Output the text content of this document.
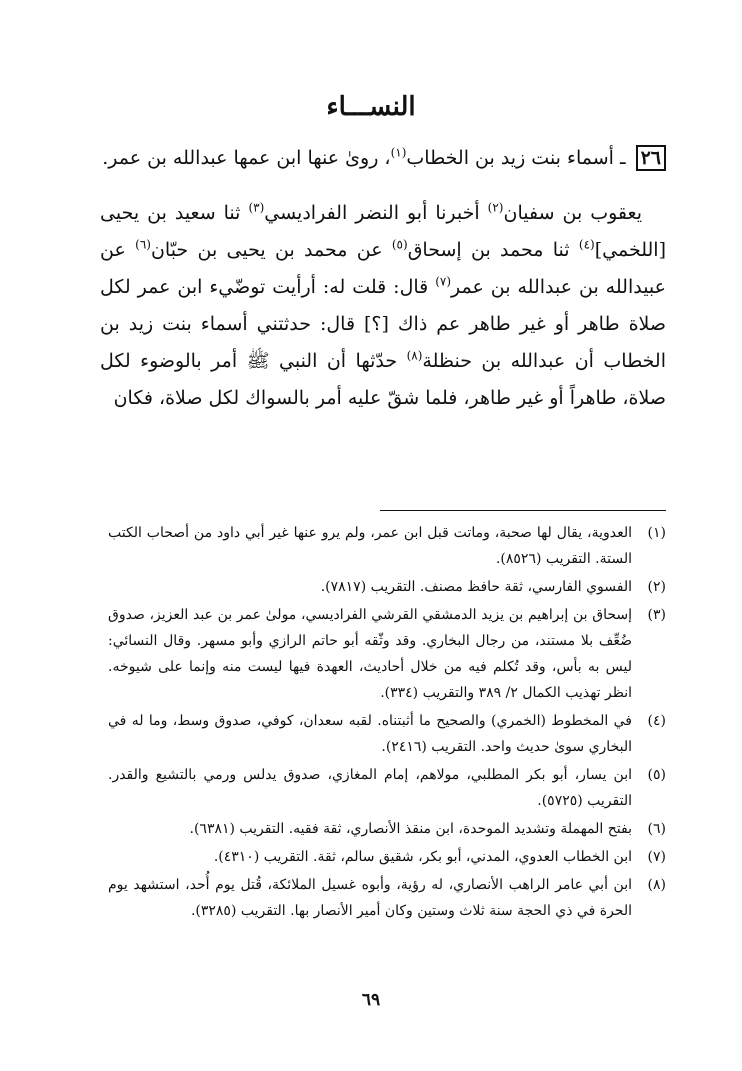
النســـاء

٢٦ ـ أسماء بنت زيد بن الخطاب$^{(١)}$، روىٰ عنها ابن عمها عبدالله بن عمر.

يعقوب بن سفيان$^{(٢)}$ أخبرنا أبو النضر الفراديسي$^{(٣)}$ ثنا سعيد بن يحيى [اللخمي]$^{(٤)}$ ثنا محمد بن إسحاق$^{(٥)}$ عن محمد بن يحيى بن حبّان$^{(٦)}$ عن عبيدالله بن عبدالله بن عمر$^{(٧)}$ قال: قلت له: أرأيت توضّيء ابن عمر لكل صلاة طاهر أو غير طاهر عم ذاك [؟] قال: حدثتني أسماء بنت زيد بن الخطاب أن عبدالله بن حنظلة$^{(٨)}$ حدّثها أن النبي ﷺ أمر بالوضوء لكل صلاة، طاهراً أو غير طاهر، فلما شقّ عليه أمر بالسواك لكل صلاة، فكان

(١)
العدوية، يقال لها صحبة، وماتت قبل ابن عمر، ولم يرو عنها غير أبي داود من أصحاب الكتب الستة. التقريب (٨٥٢٦).
(٢)
الفسوي الفارسي، ثقة حافظ مصنف. التقريب (٧٨١٧).
(٣)
إسحاق بن إبراهيم بن يزيد الدمشقي القرشي الفراديسي، مولىٰ عمر بن عبد العزيز، صدوق ضُعِّف بلا مستند، من رجال البخاري. وقد وثّقه أبو حاتم الرازي وأبو مسهر. وقال النسائي: ليس به بأس، وقد تُكلم فيه من خلال أحاديث، العهدة فيها ليست منه وإنما على شيوخه. انظر تهذيب الكمال ٢/ ٣٨٩ والتقريب (٣٣٤).
(٤)
في المخطوط (الخمري) والصحيح ما أثبتناه. لقبه سعدان، كوفي، صدوق وسط، وما له في البخاري سوىٰ حديث واحد. التقريب (٢٤١٦).
(٥)
ابن يسار، أبو بكر المطلبي، مولاهم، إمام المغازي، صدوق يدلس ورمي بالتشيع والقدر. التقريب (٥٧٢٥).
(٦)
بفتح المهملة وتشديد الموحدة، ابن منقذ الأنصاري، ثقة فقيه. التقريب (٦٣٨١).
(٧)
ابن الخطاب العدوي، المدني، أبو بكر، شقيق سالم، ثقة. التقريب (٤٣١٠).
(٨)
ابن أبي عامر الراهب الأنصاري، له رؤية، وأبوه غسيل الملائكة، قُتل يوم أُحد، استشهد يوم الحرة في ذي الحجة سنة ثلاث وستين وكان أمير الأنصار بها. التقريب (٣٢٨٥).
٦٩
